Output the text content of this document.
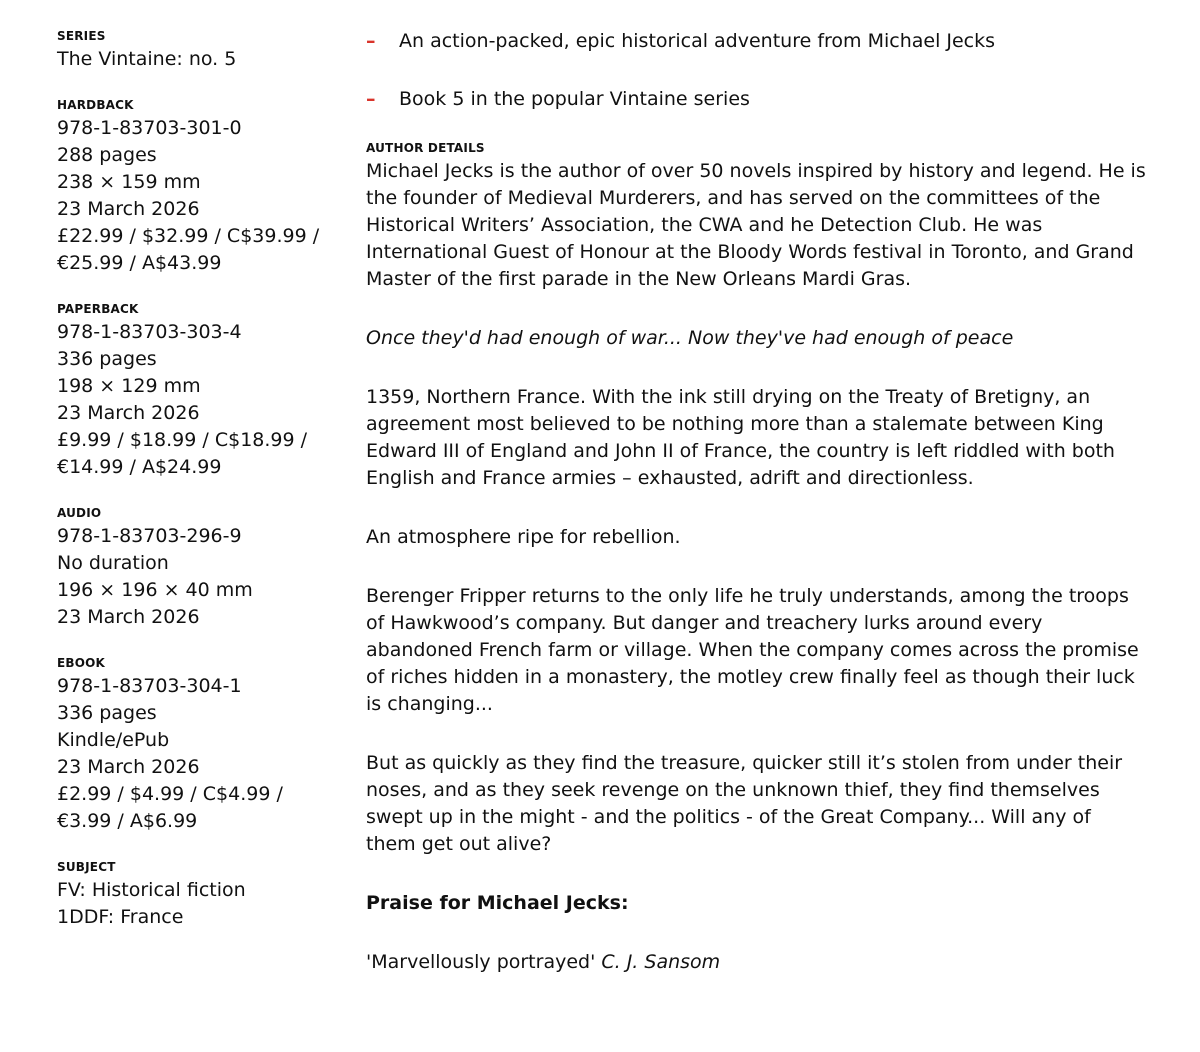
SERIES
The Vintaine: no. 5
HARDBACK
978-1-83703-301-0
288 pages
238 × 159 mm
23 March 2026
£22.99 / $32.99 / C$39.99 /
€25.99 / A$43.99
PAPERBACK
978-1-83703-303-4
336 pages
198 × 129 mm
23 March 2026
£9.99 / $18.99 / C$18.99 /
€14.99 / A$24.99
AUDIO
978-1-83703-296-9
No duration
196 × 196 × 40 mm
23 March 2026
EBOOK
978-1-83703-304-1
336 pages
Kindle/ePub
23 March 2026
£2.99 / $4.99 / C$4.99 /
€3.99 / A$6.99
SUBJECT
FV: Historical fiction
1DDF: France
– An action-packed, epic historical adventure from Michael Jecks
– Book 5 in the popular Vintaine series
AUTHOR DETAILS

Michael Jecks is the author of over 50 novels inspired by history and legend. He is the founder of Medieval Murderers, and has served on the committees of the Historical Writers’ Association, the CWA and he Detection Club. He was International Guest of Honour at the Bloody Words festival in Toronto, and Grand Master of the first parade in the New Orleans Mardi Gras.

Once they'd had enough of war... Now they've had enough of peace

1359, Northern France. With the ink still drying on the Treaty of Bretigny, an agreement most believed to be nothing more than a stalemate between King Edward III of England and John II of France, the country is left riddled with both English and France armies – exhausted, adrift and directionless.

An atmosphere ripe for rebellion.

Berenger Fripper returns to the only life he truly understands, among the troops of Hawkwood’s company. But danger and treachery lurks around every abandoned French farm or village. When the company comes across the promise of riches hidden in a monastery, the motley crew finally feel as though their luck is changing...

But as quickly as they find the treasure, quicker still it’s stolen from under their noses, and as they seek revenge on the unknown thief, they find themselves swept up in the might - and the politics - of the Great Company... Will any of them get out alive?

Praise for Michael Jecks:

'Marvellously portrayed' C. J. Sansom
